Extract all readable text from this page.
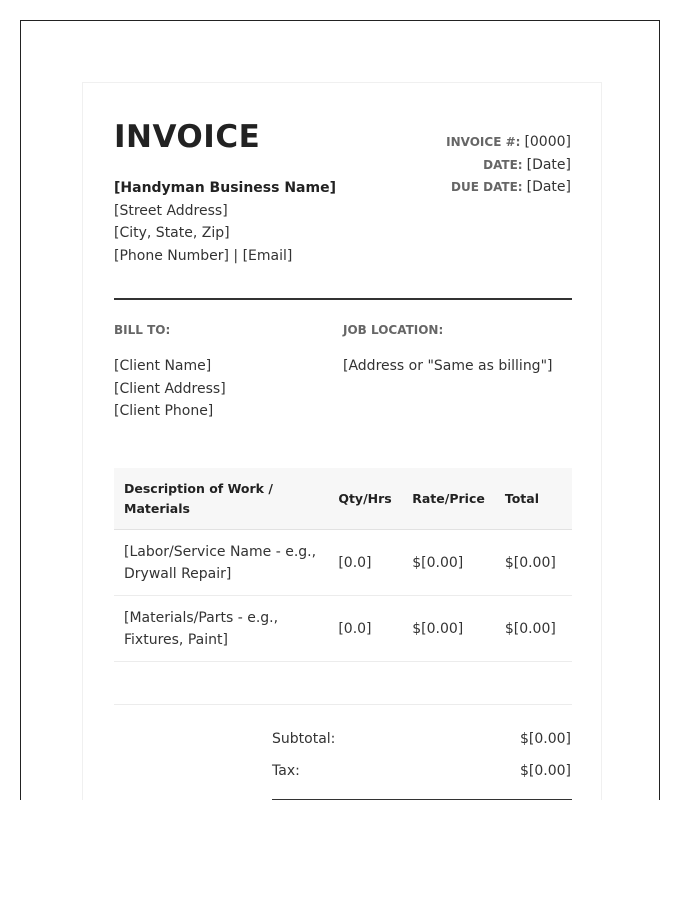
INVOICE
[Handyman Business Name]
[Street Address]
[City, State, Zip]
[Phone Number] | [Email]
INVOICE #: [0000]
DATE: [Date]
DUE DATE: [Date]
BILL TO:	JOB LOCATION:
[Client Name]
[Client Address]
[Client Phone]
[Address or "Same as billing"]
Description of Work / Materials	Qty/Hrs	Rate/Price	Total
[Labor/Service Name - e.g., Drywall Repair]	[0.0]	$[0.00]	$[0.00]
[Materials/Parts - e.g., Fixtures, Paint]	[0.0]	$[0.00]	$[0.00]
Subtotal:	$[0.00]
Tax:	$[0.00]
